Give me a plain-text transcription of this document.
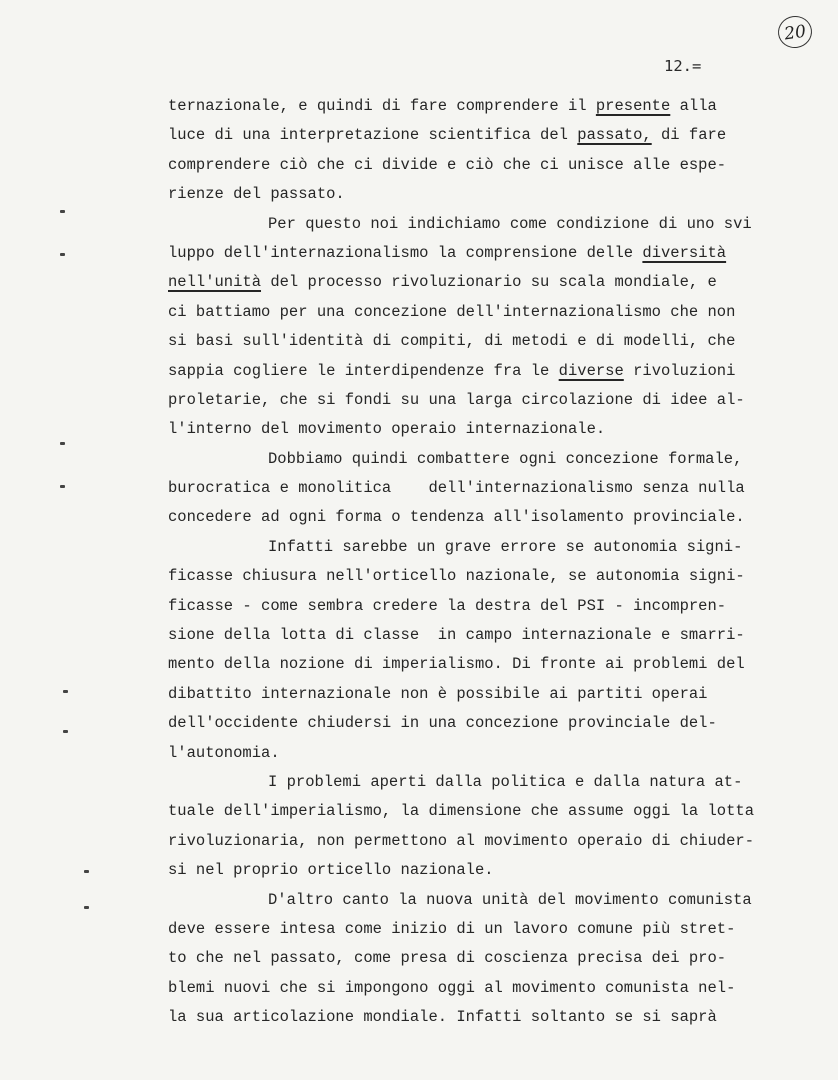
20
12.=
ternazionale, e quindi di fare comprendere il presente alla
luce di una interpretazione scientifica del passato, di fare
comprendere ciò che ci divide e ciò che ci unisce alle espe-
rienze del passato.
Per questo noi indichiamo come condizione di uno svi
luppo dell'internazionalismo la comprensione delle diversità
nell'unità del processo rivoluzionario su scala mondiale, e
ci battiamo per una concezione dell'internazionalismo che non
si basi sull'identità di compiti, di metodi e di modelli, che
sappia cogliere le interdipendenze fra le diverse rivoluzioni
proletarie, che si fondi su una larga circolazione di idee al-
l'interno del movimento operaio internazionale.
Dobbiamo quindi combattere ogni concezione formale,
burocratica e monolitica    dell'internazionalismo senza nulla
concedere ad ogni forma o tendenza all'isolamento provinciale.
Infatti sarebbe un grave errore se autonomia signi-
ficasse chiusura nell'orticello nazionale, se autonomia signi-
ficasse - come sembra credere la destra del PSI - incompren-
sione della lotta di classe  in campo internazionale e smarri-
mento della nozione di imperialismo. Di fronte ai problemi del
dibattito internazionale non è possibile ai partiti operai
dell'occidente chiudersi in una concezione provinciale del-
l'autonomia.
I problemi aperti dalla politica e dalla natura at-
tuale dell'imperialismo, la dimensione che assume oggi la lotta
rivoluzionaria, non permettono al movimento operaio di chiuder-
si nel proprio orticello nazionale.
D'altro canto la nuova unità del movimento comunista
deve essere intesa come inizio di un lavoro comune più stret-
to che nel passato, come presa di coscienza precisa dei pro-
blemi nuovi che si impongono oggi al movimento comunista nel-
la sua articolazione mondiale. Infatti soltanto se si saprà
